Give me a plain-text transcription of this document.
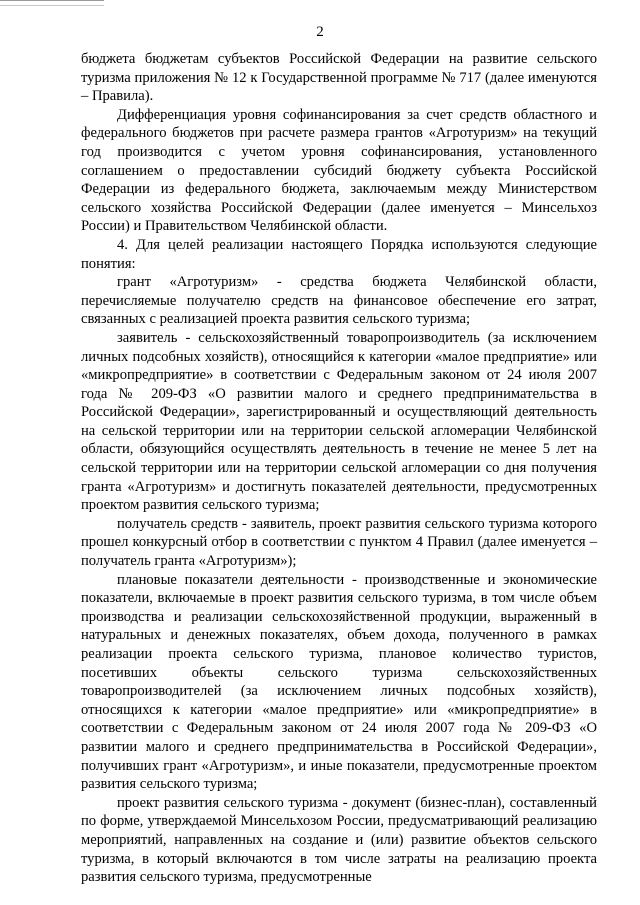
2

бюджета бюджетам субъектов Российской Федерации на развитие сельского туризма приложения № 12 к Государственной программе № 717 (далее именуются – Правила).

Дифференциация уровня софинансирования за счет средств областного и федерального бюджетов при расчете размера грантов «Агротуризм» на текущий год производится с учетом уровня софинансирования, установленного соглашением о предоставлении субсидий бюджету субъекта Российской Федерации из федерального бюджета, заключаемым между Министерством сельского хозяйства Российской Федерации (далее именуется – Минсельхоз России) и Правительством Челябинской области.

4. Для целей реализации настоящего Порядка используются следующие понятия:

грант «Агротуризм» - средства бюджета Челябинской области, перечисляемые получателю средств на финансовое обеспечение его затрат, связанных с реализацией проекта развития сельского туризма;

заявитель - сельскохозяйственный товаропроизводитель (за исключением личных подсобных хозяйств), относящийся к категории «малое предприятие» или «микропредприятие» в соответствии с Федеральным законом от 24 июля 2007 года № 209-ФЗ «О развитии малого и среднего предпринимательства в Российской Федерации», зарегистрированный и осуществляющий деятельность на сельской территории или на территории сельской агломерации Челябинской области, обязующийся осуществлять деятельность в течение не менее 5 лет на сельской территории или на территории сельской агломерации со дня получения гранта «Агротуризм» и достигнуть показателей деятельности, предусмотренных проектом развития сельского туризма;

получатель средств - заявитель, проект развития сельского туризма которого прошел конкурсный отбор в соответствии с пунктом 4 Правил (далее именуется – получатель гранта «Агротуризм»);

плановые показатели деятельности - производственные и экономические показатели, включаемые в проект развития сельского туризма, в том числе объем производства и реализации сельскохозяйственной продукции, выраженный в натуральных и денежных показателях, объем дохода, полученного в рамках реализации проекта сельского туризма, плановое количество туристов, посетивших объекты сельского туризма сельскохозяйственных товаропроизводителей (за исключением личных подсобных хозяйств), относящихся к категории «малое предприятие» или «микропредприятие» в соответствии с Федеральным законом от 24 июля 2007 года № 209-ФЗ «О развитии малого и среднего предпринимательства в Российской Федерации», получивших грант «Агротуризм», и иные показатели, предусмотренные проектом развития сельского туризма;

проект развития сельского туризма - документ (бизнес-план), составленный по форме, утверждаемой Минсельхозом России, предусматривающий реализацию мероприятий, направленных на создание и (или) развитие объектов сельского туризма, в который включаются в том числе затраты на реализацию проекта развития сельского туризма, предусмотренные
